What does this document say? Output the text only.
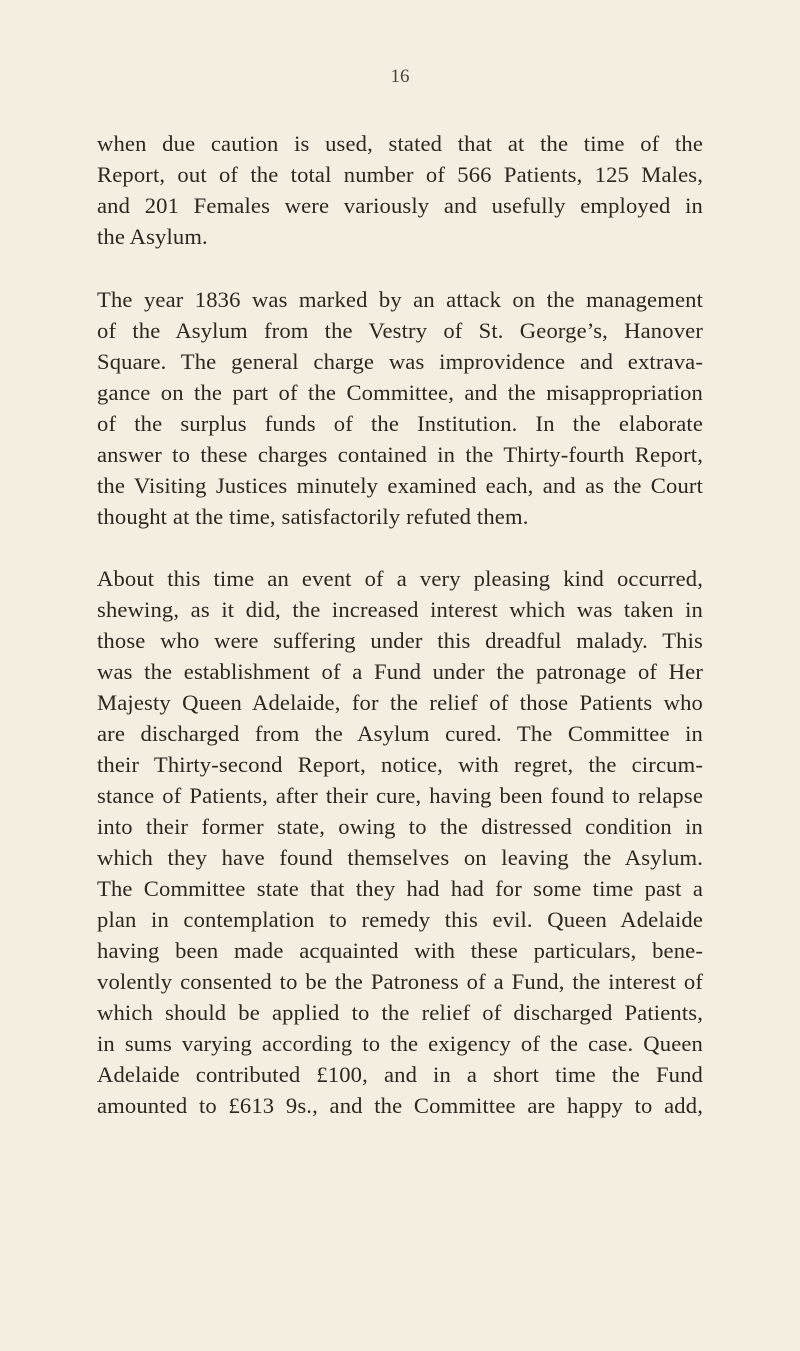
16

when due caution is used, stated that at the time of the
Report, out of the total number of 566 Patients, 125 Males,
and 201 Females were variously and usefully employed in
the Asylum.

The year 1836 was marked by an attack on the management
of the Asylum from the Vestry of St. George’s, Hanover
Square. The general charge was improvidence and extrava-
gance on the part of the Committee, and the misappropriation
of the surplus funds of the Institution. In the elaborate
answer to these charges contained in the Thirty-fourth Report,
the Visiting Justices minutely examined each, and as the Court
thought at the time, satisfactorily refuted them.

About this time an event of a very pleasing kind occurred,
shewing, as it did, the increased interest which was taken in
those who were suffering under this dreadful malady. This
was the establishment of a Fund under the patronage of Her
Majesty Queen Adelaide, for the relief of those Patients who
are discharged from the Asylum cured. The Committee in
their Thirty-second Report, notice, with regret, the circum-
stance of Patients, after their cure, having been found to relapse
into their former state, owing to the distressed condition in
which they have found themselves on leaving the Asylum.
The Committee state that they had had for some time past a
plan in contemplation to remedy this evil. Queen Adelaide
having been made acquainted with these particulars, bene-
volently consented to be the Patroness of a Fund, the interest of
which should be applied to the relief of discharged Patients,
in sums varying according to the exigency of the case. Queen
Adelaide contributed £100, and in a short time the Fund
amounted to £613 9s., and the Committee are happy to add,
